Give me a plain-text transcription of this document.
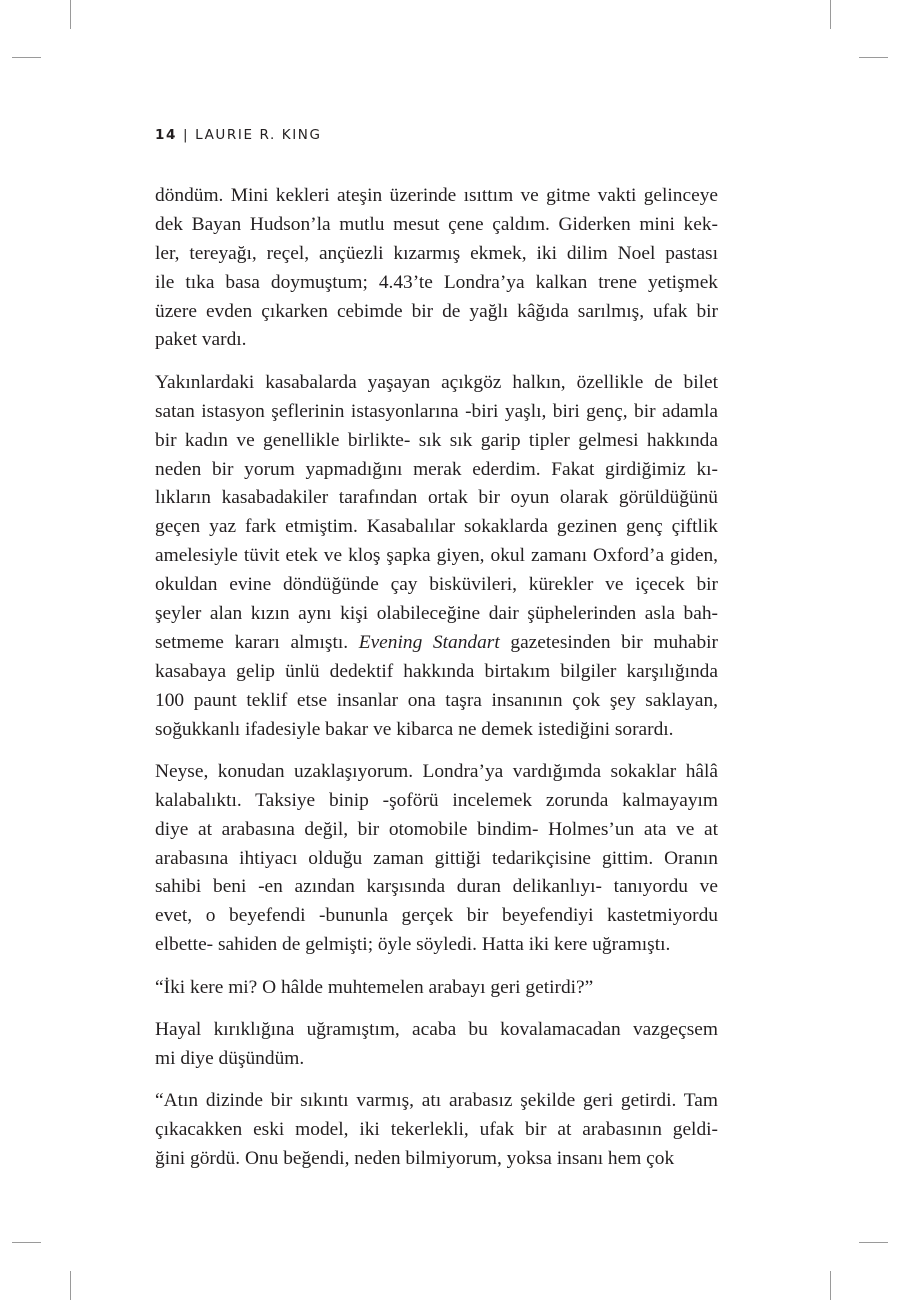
14 | LAURIE R. KING
döndüm. Mini kekleri ateşin üzerinde ısıttım ve gitme vakti gelinceye
dek Bayan Hudson’la mutlu mesut çene çaldım. Giderken mini kek-
ler, tereyağı, reçel, ançüezli kızarmış ekmek, iki dilim Noel pastası
ile tıka basa doymuştum; 4.43’te Londra’ya kalkan trene yetişmek
üzere evden çıkarken cebimde bir de yağlı kâğıda sarılmış, ufak bir
paket vardı.
Yakınlardaki kasabalarda yaşayan açıkgöz halkın, özellikle de bilet
satan istasyon şeflerinin istasyonlarına -biri yaşlı, biri genç, bir adamla
bir kadın ve genellikle birlikte- sık sık garip tipler gelmesi hakkında
neden bir yorum yapmadığını merak ederdim. Fakat girdiğimiz kı-
lıkların kasabadakiler tarafından ortak bir oyun olarak görüldüğünü
geçen yaz fark etmiştim. Kasabalılar sokaklarda gezinen genç çiftlik
amelesiyle tüvit etek ve kloş şapka giyen, okul zamanı Oxford’a giden,
okuldan evine döndüğünde çay bisküvileri, kürekler ve içecek bir
şeyler alan kızın aynı kişi olabileceğine dair şüphelerinden asla bah-
setmeme kararı almıştı. Evening Standart gazetesinden bir muhabir
kasabaya gelip ünlü dedektif hakkında birtakım bilgiler karşılığında
100 paunt teklif etse insanlar ona taşra insanının çok şey saklayan,
soğukkanlı ifadesiyle bakar ve kibarca ne demek istediğini sorardı.
Neyse, konudan uzaklaşıyorum. Londra’ya vardığımda sokaklar hâlâ
kalabalıktı. Taksiye binip -şoförü incelemek zorunda kalmayayım
diye at arabasına değil, bir otomobile bindim- Holmes’un ata ve at
arabasına ihtiyacı olduğu zaman gittiği tedarikçisine gittim. Oranın
sahibi beni -en azından karşısında duran delikanlıyı- tanıyordu ve
evet, o beyefendi -bununla gerçek bir beyefendiyi kastetmiyordu
elbette- sahiden de gelmişti; öyle söyledi. Hatta iki kere uğramıştı.
“İki kere mi? O hâlde muhtemelen arabayı geri getirdi?”
Hayal kırıklığına uğramıştım, acaba bu kovalamacadan vazgeçsem
mi diye düşündüm.
“Atın dizinde bir sıkıntı varmış, atı arabasız şekilde geri getirdi. Tam
çıkacakken eski model, iki tekerlekli, ufak bir at arabasının geldi-
ğini gördü. Onu beğendi, neden bilmiyorum, yoksa insanı hem çok
